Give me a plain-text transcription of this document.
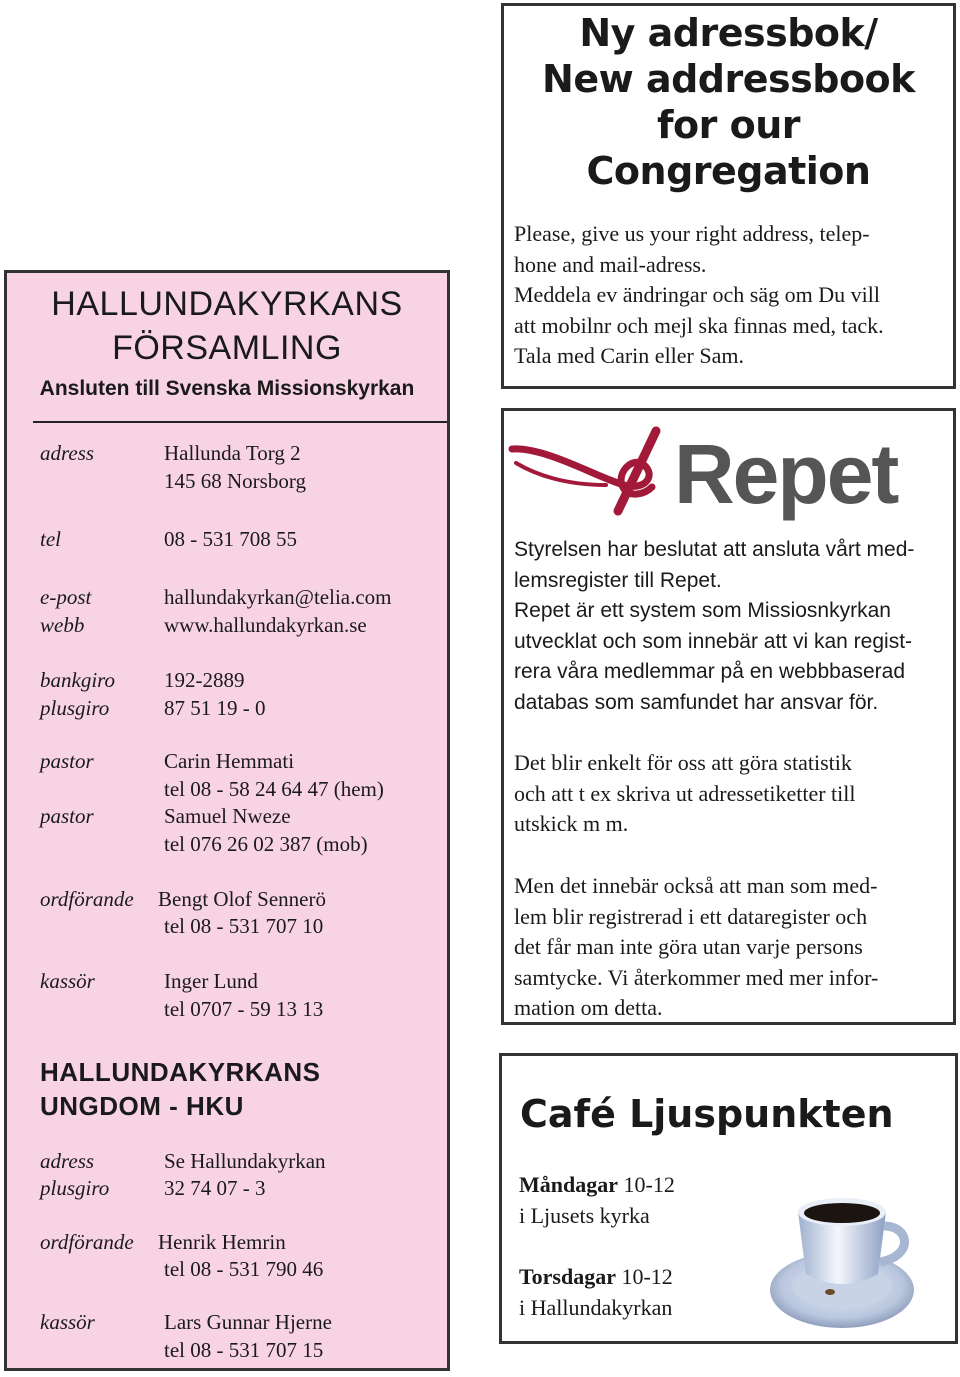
HALLUNDAKYRKANS
FÖRSAMLING
Ansluten till Svenska Missionskyrkan
adress	Hallunda Torg 2
145 68 Norsborg
tel	08 - 531 708 55
e-post	hallundakyrkan@telia.com
webb	www.hallundakyrkan.se
bankgiro 192-2889
plusgiro	87 51 19 - 0
pastor	Carin Hemmati
tel 08 - 58 24 64 47 (hem)
pastor	Samuel Nweze
tel 076 26 02 387 (mob)
ordförande Bengt Olof Sennerö
tel 08 - 531 707 10
kassör	Inger Lund
tel 0707 - 59 13 13
HALLUNDAKYRKANS
UNGDOM - HKU
adress	Se Hallundakyrkan
plusgiro	32 74 07 - 3
ordförande Henrik Hemrin
tel 08 - 531 790 46
kassör	Lars Gunnar Hjerne
tel 08 - 531 707 15
Ny adressbok/
New addressbook
for our
Congregation
Please, give us your right address, telep-
hone and mail-adress.
Meddela ev ändringar och säg om Du vill
att mobilnr och mejl ska finnas med, tack.
Tala med Carin eller Sam.
Repet
Styrelsen har beslutat att ansluta vårt med-
lemsregister till Repet.
Repet är ett system som Missiosnkyrkan
utvecklat och som innebär att vi kan regist-
rera våra medlemmar på en webbbaserad
databas som samfundet har ansvar för.
Det blir enkelt för oss att göra statistik
och att t ex skriva ut adressetiketter till
utskick m m.
Men det innebär också att man som med-
lem blir registrerad i ett dataregister och
det får man inte göra utan varje persons
samtycke. Vi återkommer med mer infor-
mation om detta.
Café Ljuspunkten
Måndagar 10-12
i Ljusets kyrka
Torsdagar 10-12
i Hallundakyrkan
